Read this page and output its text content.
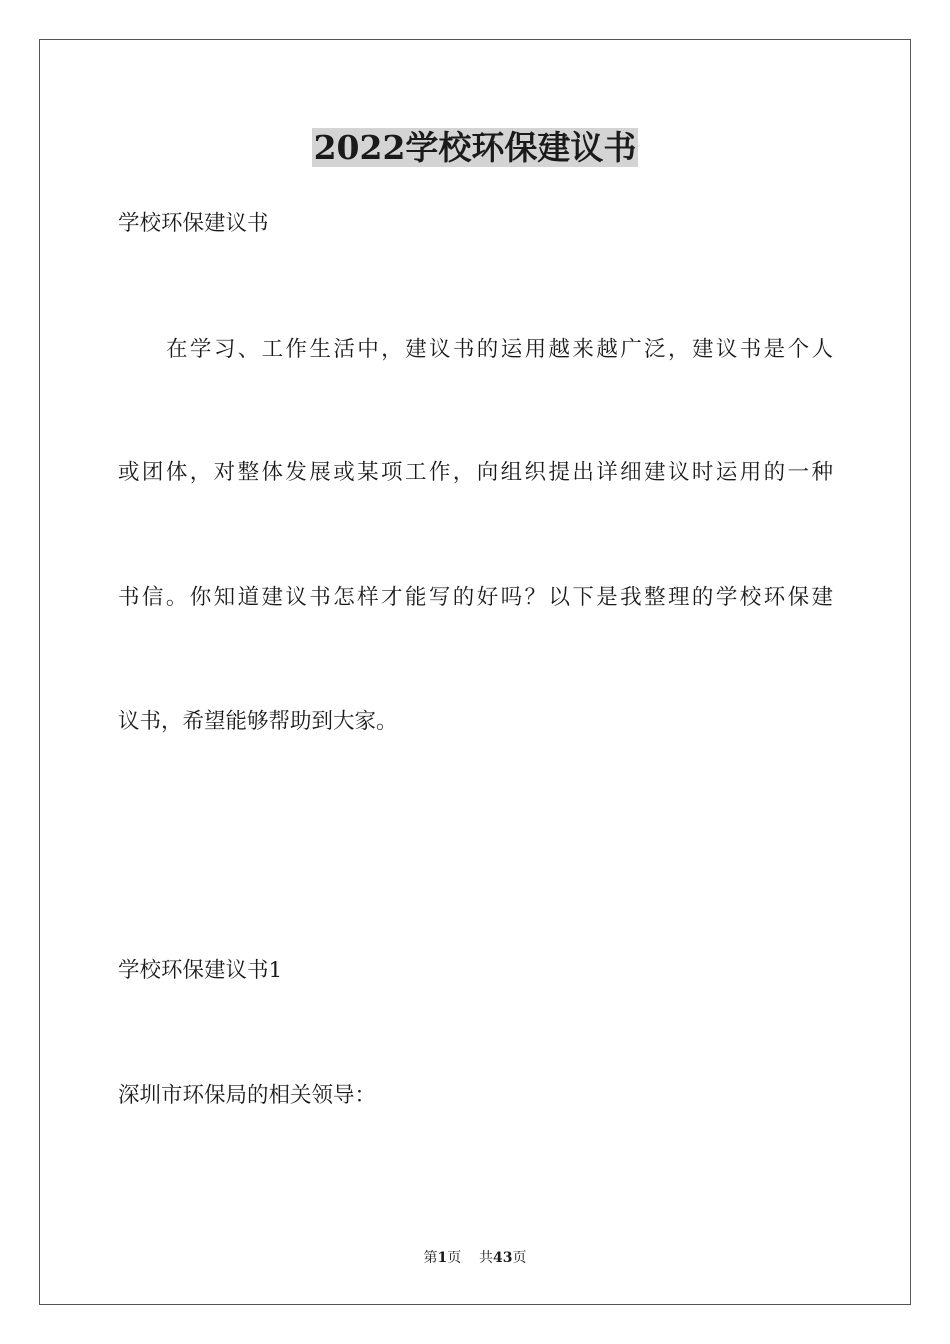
2022学校环保建议书
学校环保建议书
在学习、工作生活中，建议书的运用越来越广泛，建议书是个人
或团体，对整体发展或某项工作，向组织提出详细建议时运用的一种
书信。你知道建议书怎样才能写的好吗？以下是我整理的学校环保建
议书，希望能够帮助到大家。
学校环保建议书1
深圳市环保局的相关领导：
第1页 共43页
